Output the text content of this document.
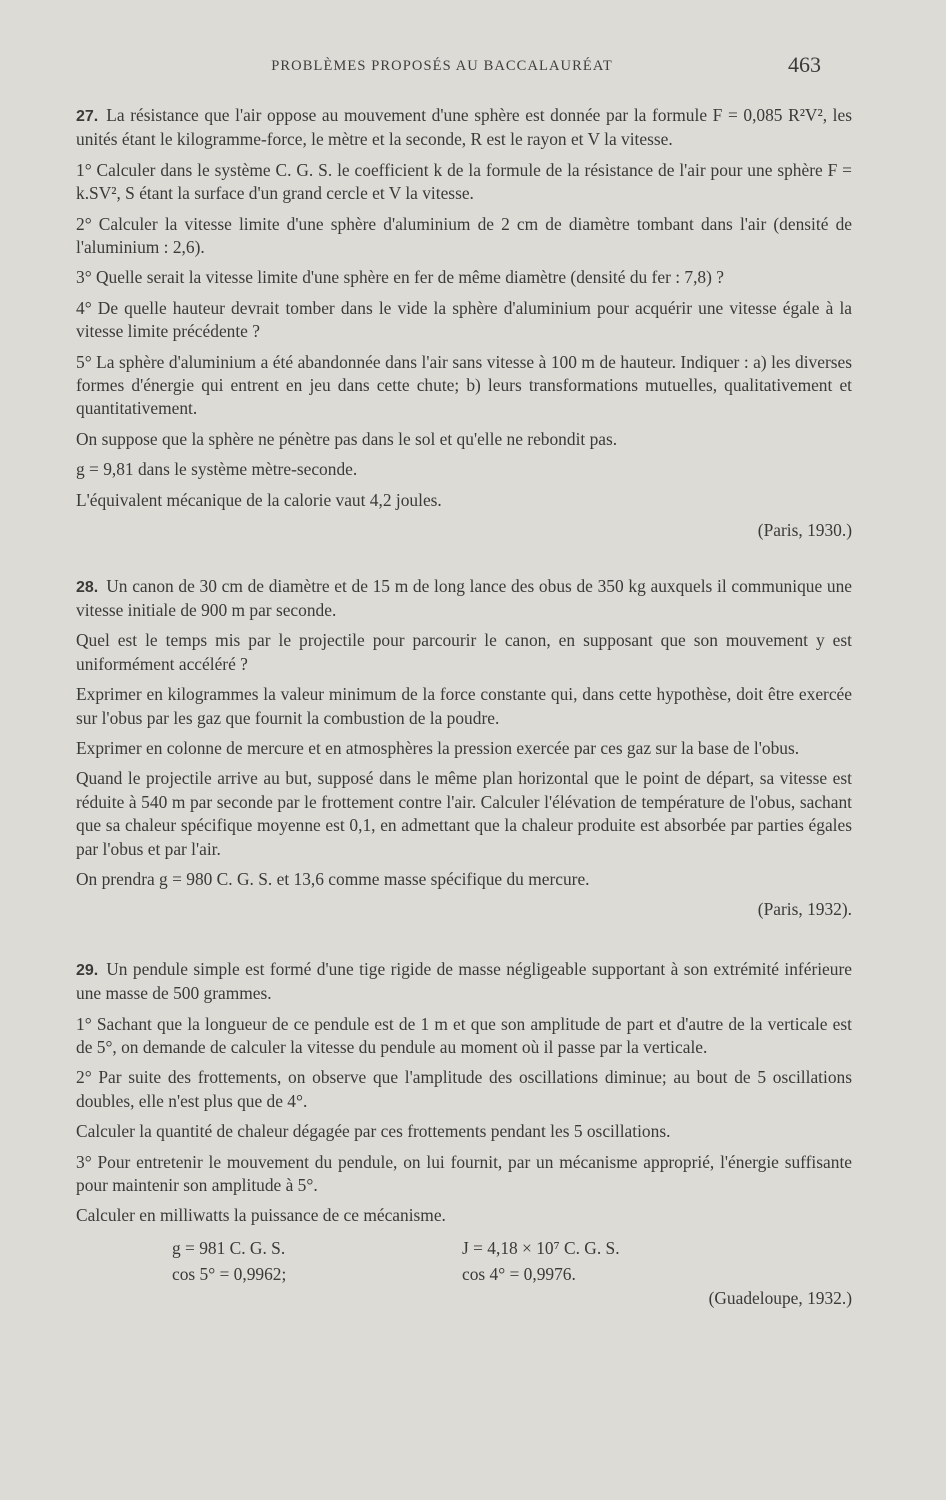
PROBLÈMES PROPOSÉS AU BACCALAURÉAT	463

27. La résistance que l'air oppose au mouvement d'une sphère est donnée par la formule F = 0,085 R²V², les unités étant le kilogramme-force, le mètre et la seconde, R est le rayon et V la vitesse.

1° Calculer dans le système C. G. S. le coefficient k de la formule de la résistance de l'air pour une sphère F = k.SV², S étant la surface d'un grand cercle et V la vitesse.

2° Calculer la vitesse limite d'une sphère d'aluminium de 2 cm de diamètre tombant dans l'air (densité de l'aluminium : 2,6).

3° Quelle serait la vitesse limite d'une sphère en fer de même diamètre (densité du fer : 7,8) ?

4° De quelle hauteur devrait tomber dans le vide la sphère d'aluminium pour acquérir une vitesse égale à la vitesse limite précédente ?

5° La sphère d'aluminium a été abandonnée dans l'air sans vitesse à 100 m de hauteur. Indiquer : a) les diverses formes d'énergie qui entrent en jeu dans cette chute; b) leurs transformations mutuelles, qualitativement et quantitativement.

On suppose que la sphère ne pénètre pas dans le sol et qu'elle ne rebondit pas.

g = 9,81 dans le système mètre-seconde.

L'équivalent mécanique de la calorie vaut 4,2 joules.

(Paris, 1930.)

28. Un canon de 30 cm de diamètre et de 15 m de long lance des obus de 350 kg auxquels il communique une vitesse initiale de 900 m par seconde.

Quel est le temps mis par le projectile pour parcourir le canon, en supposant que son mouvement y est uniformément accéléré ?

Exprimer en kilogrammes la valeur minimum de la force constante qui, dans cette hypothèse, doit être exercée sur l'obus par les gaz que fournit la combustion de la poudre.

Exprimer en colonne de mercure et en atmosphères la pression exercée par ces gaz sur la base de l'obus.

Quand le projectile arrive au but, supposé dans le même plan horizontal que le point de départ, sa vitesse est réduite à 540 m par seconde par le frottement contre l'air. Calculer l'élévation de température de l'obus, sachant que sa chaleur spécifique moyenne est 0,1, en admettant que la chaleur produite est absorbée par parties égales par l'obus et par l'air.

On prendra g = 980 C. G. S. et 13,6 comme masse spécifique du mercure.

(Paris, 1932).

29. Un pendule simple est formé d'une tige rigide de masse négligeable supportant à son extrémité inférieure une masse de 500 grammes.

1° Sachant que la longueur de ce pendule est de 1 m et que son amplitude de part et d'autre de la verticale est de 5°, on demande de calculer la vitesse du pendule au moment où il passe par la verticale.

2° Par suite des frottements, on observe que l'amplitude des oscillations diminue; au bout de 5 oscillations doubles, elle n'est plus que de 4°.

Calculer la quantité de chaleur dégagée par ces frottements pendant les 5 oscillations.

3° Pour entretenir le mouvement du pendule, on lui fournit, par un mécanisme approprié, l'énergie suffisante pour maintenir son amplitude à 5°.

Calculer en milliwatts la puissance de ce mécanisme.

g = 981 C. G. S.	J = 4,18 × 10⁷ C. G. S.
cos 5° = 0,9962;	cos 4° = 0,9976.

(Guadeloupe, 1932.)
